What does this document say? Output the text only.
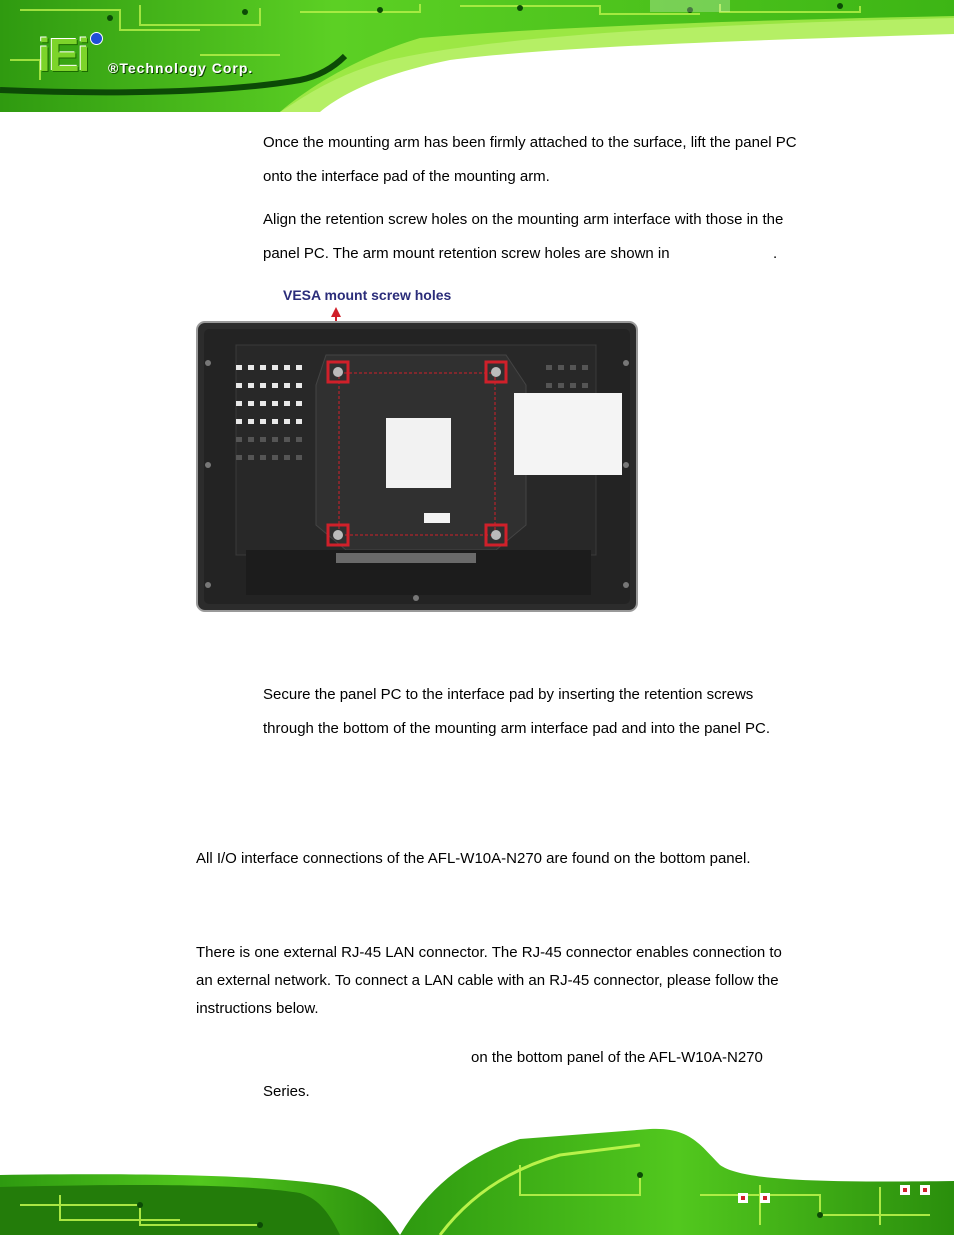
iEi ®Technology Corp.

Once the mounting arm has been firmly attached to the surface, lift the panel PC

onto the interface pad of the mounting arm.

Align the retention screw holes on the mounting arm interface with those in the

panel PC. The arm mount retention screw holes are shown in	.

VESA mount screw holes

Secure the panel PC to the interface pad by inserting the retention screws

through the bottom of the mounting arm interface pad and into the panel PC.

All I/O interface connections of the AFL-W10A-N270 are found on the bottom panel.

There is one external RJ-45 LAN connector. The RJ-45 connector enables connection to

an external network. To connect a LAN cable with an RJ-45 connector, please follow the

instructions below.

on the bottom panel of the AFL-W10A-N270

Series.
